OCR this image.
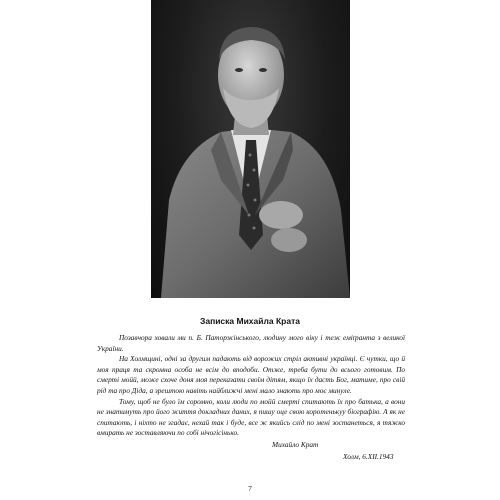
Записка Михайла Крата

Позавчора ховали ми п. Б. Паторжінського, людину мого віку і теж еміґранта з великої України.

На Холмщині, одні за другим падають від ворожих стріл активні українці. Є чутки, що й моя праця та скромна особа не всім до вподоби. Отже, треба бути до всього готовим. По смерті мойй, може схоче доня моя переказати своїм дітям, якщо їх дасть Бог, матиме, про свій рід та про Діда, а зрештою навіть найближчі мені мало знають про моє минуле.

Тому, щоб не було їм соромно, коли люди по мойй смерті спитають їх про батька, а вони не знатимуть про його життя докладних даних, я пишу оце свою коротенькуу біографію. А як не спитають, і ніхто не згадає, нехай так і буде, все ж якийсь слід по мені зостанеться, я тяжко вмирать не зоставляючи по собі нічогісінько.

Михайло Крат
Холм, 6.XII.1943
7
